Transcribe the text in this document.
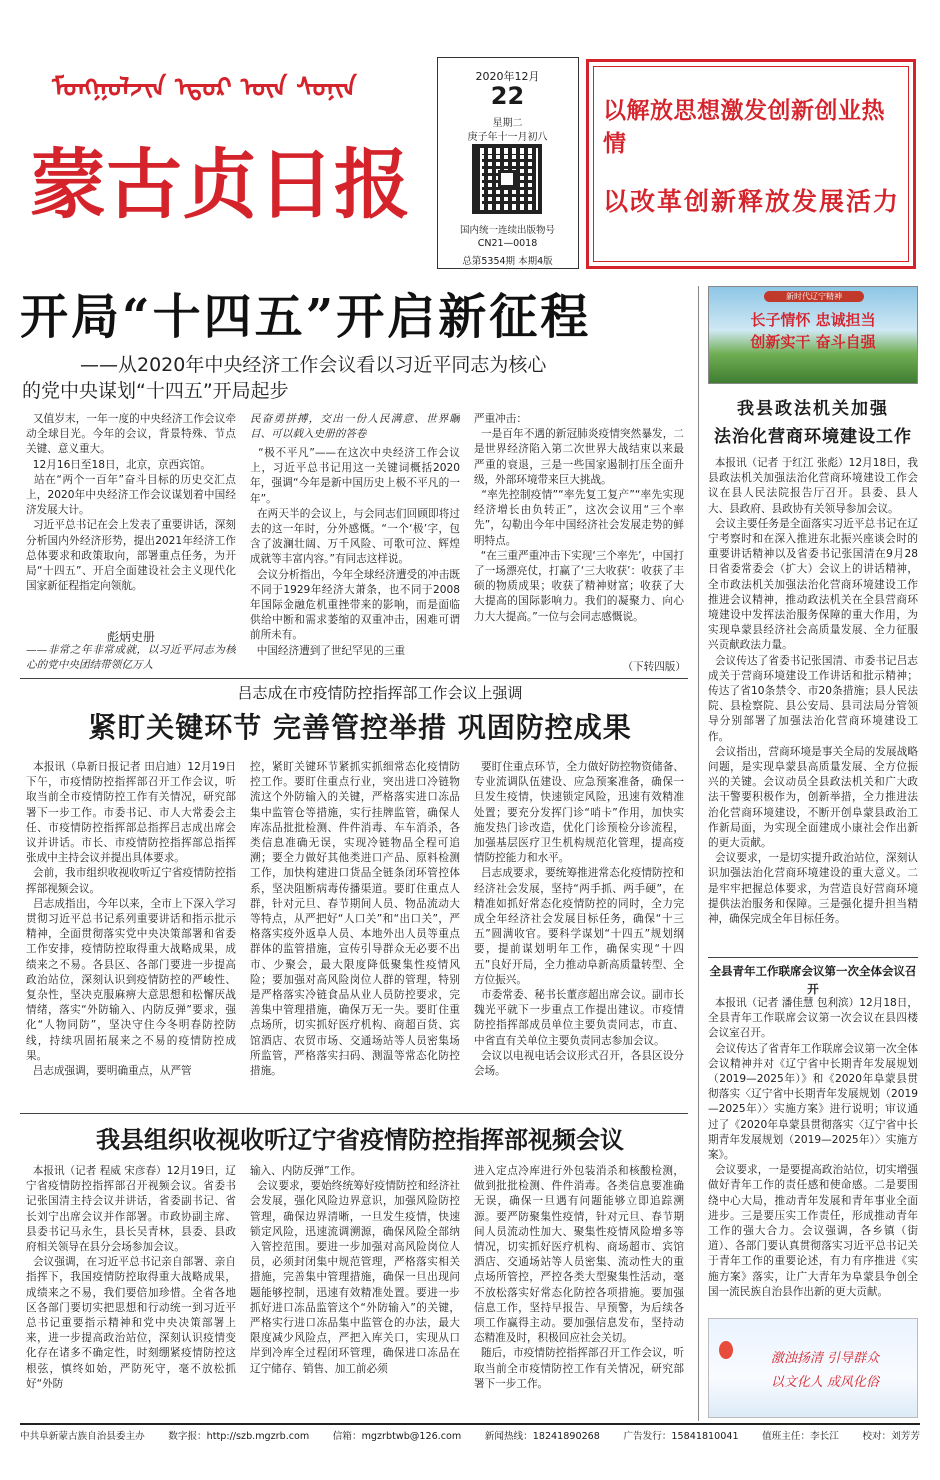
ᠮᠣᠩᠭᠣᠯᠵᠢᠨ ᠡᠳᠦᠷ ᠦᠨ ᠰᠣᠨᠢᠨ
蒙古贞日报
2020年12月
22
星期二
庚子年十一月初八
国内统一连续出版物号
CN21—0018
总第5354期 本期4版
以解放思想激发创新创业热情
以改革创新释放发展活力
开局“十四五”开启新征程
——从2020年中央经济工作会议看以习近平同志为核心
的党中央谋划“十四五”开局起步
又值岁末，一年一度的中央经济工作会议牵动全球目光。今年的会议，背景特殊、节点关键、意义重大。
12月16日至18日，北京，京西宾馆。
站在“两个一百年”奋斗目标的历史交汇点上，2020年中央经济工作会议谋划着中国经济发展大计。
习近平总书记在会上发表了重要讲话，深刻分析国内外经济形势，提出2021年经济工作总体要求和政策取向，部署重点任务，为开局“十四五”、开启全面建设社会主义现代化国家新征程指定向领航。
彪炳史册
——非常之年非常成就，以习近平同志为核心的党中央团结带领亿万人
民奋勇拼搏，交出一份人民满意、世界瞩目、可以载入史册的答卷
“极不平凡”——在这次中央经济工作会议上，习近平总书记用这一关键词概括2020年，强调“今年是新中国历史上极不平凡的一年”。
在两天半的会议上，与会同志们回顾即将过去的这一年时，分外感慨。“一个‘极’字，包含了波澜壮阔、万千风险、可歌可泣、辉煌成就等丰富内容。”有同志这样说。
会议分析指出，今年全球经济遭受的冲击既不同于1929年经济大萧条，也不同于2008年国际金融危机重挫带来的影响，而是面临供给中断和需求萎缩的双重冲击，困难可谓前所未有。
中国经济遭到了世纪罕见的三重
严重冲击：
一是百年不遇的新冠肺炎疫情突然暴发，二是世界经济陷入第二次世界大战结束以来最严重的衰退，三是一些国家遏制打压全面升级，外部环境带来巨大挑战。
“率先控制疫情”“率先复工复产”“率先实现经济增长由负转正”，这次会议用“三个率先”，勾勒出今年中国经济社会发展走势的鲜明特点。
“在三重严重冲击下实现‘三个率先’，中国打了一场漂亮仗，打赢了‘三大收获’：收获了丰硕的物质成果；收获了精神财富；收获了大大提高的国际影响力。我们的凝聚力、向心力大大提高。”一位与会同志感慨说。
（下转四版）
新时代辽宁精神
长子情怀 忠诚担当
创新实干 奋斗自强
我县政法机关加强
法治化营商环境建设工作
本报讯（记者 于红江 张彪）12月18日，我县政法机关加强法治化营商环境建设工作会议在县人民法院报告厅召开。县委、县人大、县政府、县政协有关领导参加会议。
会议主要任务是全面落实习近平总书记在辽宁考察时和在深入推进东北振兴座谈会时的重要讲话精神以及省委书记张国清在9月28日省委常委会（扩大）会议上的讲话精神，全市政法机关加强法治化营商环境建设工作推进会议精神，推动政法机关在全县营商环境建设中发挥法治服务保障的重大作用，为实现阜蒙县经济社会高质量发展、全力征服兴贡献政法力量。
会议传达了省委书记张国清、市委书记吕志成关于营商环境建设工作讲话和批示精神；传达了省10条禁令、市20条措施；县人民法院、县检察院、县公安局、县司法局分管领导分别部署了加强法治化营商环境建设工作。
会议指出，营商环境是事关全局的发展战略问题，是实现阜蒙县高质量发展、全方位振兴的关键。会议动员全县政法机关和广大政法干警要积极作为，创新举措，全力推进法治化营商环境建设，不断开创阜蒙县政治工作新局面，为实现全面建成小康社会作出新的更大贡献。
会议要求，一是切实提升政治站位，深刻认识加强法治化营商环境建设的重大意义。二是牢牢把握总体要求，为营造良好营商环境提供法治服务和保障。三是强化提升担当精神，确保完成全年目标任务。
全县青年工作联席会议第一次全体会议召开
本报讯（记者 潘佳慧 包利滨）12月18日，全县青年工作联席会议第一次会议在县四楼会议室召开。
会议传达了省青年工作联席会议第一次全体会议精神并对《辽宁省中长期青年发展规划（2019—2025年）》和《2020年阜蒙县贯彻落实〈辽宁省中长期青年发展规划（2019—2025年）〉实施方案》进行说明；审议通过了《2020年阜蒙县贯彻落实〈辽宁省中长期青年发展规划（2019—2025年）〉实施方案》。
会议要求，一是要提高政治站位，切实增强做好青年工作的责任感和使命感。二是要围绕中心大局，推动青年发展和青年事业全面进步。三是要压实工作责任，形成推动青年工作的强大合力。会议强调，各乡镇（街道）、各部门要认真贯彻落实习近平总书记关于青年工作的重要论述，有力有序推进《实施方案》落实，让广大青年为阜蒙县争创全国一流民族自治县作出新的更大贡献。
激浊扬清 引导群众
以文化人 成风化俗
吕志成在市疫情防控指挥部工作会议上强调
紧盯关键环节 完善管控举措 巩固防控成果
本报讯（阜新日报记者 田启迪）12月19日下午，市疫情防控指挥部召开工作会议，听取当前全市疫情防控工作有关情况，研究部署下一步工作。市委书记、市人大常委会主任、市疫情防控指挥部总指挥吕志成出席会议并讲话。市长、市疫情防控指挥部总指挥张成中主持会议并提出具体要求。
会前，我市组织收视收听辽宁省疫情防控指挥部视频会议。
吕志成指出，今年以来，全市上下深入学习贯彻习近平总书记系列重要讲话和指示批示精神，全面贯彻落实党中央决策部署和省委工作安排，疫情防控取得重大战略成果，成绩来之不易。各县区、各部门要进一步提高政治站位，深刻认识到疫情防控的严峻性、复杂性，坚决克服麻痹大意思想和松懈厌战情绪，落实“外防输入、内防反弹”要求，强化“人物同防”，坚决守住今冬明春防控防线，持续巩固拓展来之不易的疫情防控成果。
吕志成强调，要明确重点，从严管
控，紧盯关键环节紧抓实抓细常态化疫情防控工作。要盯住重点行业，突出进口冷链物流这个外防输入的关键，严格落实进口冻品集中监管仓等措施，实行挂牌监管，确保人库冻品批批检测、件件消毒、车车消杀，各类信息准确无误，实现冷链物品全程可追溯；要全力做好其他类进口产品、原料检测工作，加快构建进口货品全链条闭环管控体系，坚决阻断病毒传播渠道。要盯住重点人群，针对元旦、春节期间人员、物品流动大等特点，从严把好“人口关”和“出口关”，严格落实疫外返阜人员、本地外出人员等重点群体的监管措施，宣传引导群众无必要不出市、少聚会，最大限度降低聚集性疫情风险；要加强对高风险岗位人群的管理，特别是严格落实冷链食品从业人员防控要求，完善集中管理措施，确保万无一失。要盯住重点场所，切实抓好医疗机构、商超百货、宾馆酒店、农贸市场、交通场站等人员密集场所监管，严格落实扫码、测温等常态化防控措施。
要盯住重点环节，全力做好防控物资储备、专业流调队伍建设、应急预案准备，确保一旦发生疫情，快速锁定风险，迅速有效精准处置；要充分发挥门诊“哨卡”作用，加快实施发热门诊改造，优化门诊预检分诊流程，加强基层医疗卫生机构规范化管理，提高疫情防控能力和水平。
吕志成要求，要统筹推进常态化疫情防控和经济社会发展，坚持“两手抓、两手硬”，在精准如抓好常态化疫情防控的同时，全力完成全年经济社会发展目标任务，确保“十三五”圆满收官。要科学谋划“十四五”规划纲要，提前谋划明年工作，确保实现“十四五”良好开局，全力推动阜新高质量转型、全方位振兴。
市委常委、秘书长董彦超出席会议。副市长魏光平就下一步重点工作提出建议。市疫情防控指挥部成员单位主要负责同志，市直、中省直有关单位主要负责同志参加会议。
会议以电视电话会议形式召开，各县区设分会场。
我县组织收视收听辽宁省疫情防控指挥部视频会议
本报讯（记者 程威 宋彦春）12月19日，辽宁省疫情防控指挥部召开视频会议。省委书记张国清主持会议并讲话，省委副书记、省长刘宁出席会议并作部署。市政协副主席、县委书记马永生，县长吴青林，县委、县政府相关领导在县分会场参加会议。
会议强调，在习近平总书记亲自部署、亲自指挥下，我国疫情防控取得重大战略成果，成绩来之不易，我们要倍加珍惜。全省各地区各部门要切实把思想和行动统一到习近平总书记重要指示精神和党中央决策部署上来，进一步提高政治站位，深刻认识疫情变化存在诸多不确定性，时刻绷紧疫情防控这根弦，慎终如始，严防死守，毫不放松抓好“外防
输入、内防反弹”工作。
会议要求，要始终统筹好疫情防控和经济社会发展，强化风险边界意识，加强风险防控管理，确保边界清晰，一旦发生疫情，快速锁定风险，迅速流调溯源，确保风险全部纳入管控范围。要进一步加强对高风险岗位人员，必须封闭集中规范管理，严格落实相关措施，完善集中管理措施，确保一旦出现问题能够控制，迅速有效精准处置。要进一步抓好进口冻品监管这个“外防输入”的关键，严格实行进口冻品集中监管仓的办法，最大限度减少风险点，严把入库关口，实现从口岸到冷库全过程闭环管理，确保进口冻品在辽宁储存、销售、加工前必须
进入定点冷库进行外包装消杀和核酸检测，做到批批检测、件件消毒。各类信息要准确无误，确保一旦遇有问题能够立即追踪溯源。要严防聚集性疫情，针对元旦、春节期间人员流动性加大、聚集性疫情风险增多等情况，切实抓好医疗机构、商场超市、宾馆酒店、交通场站等人员密集、流动性大的重点场所管控，严控各类大型聚集性活动，毫不放松落实好常态化防控各项措施。要加强信息工作，坚持早报告、早预警，为后续各项工作赢得主动。要加强信息发布，坚持动态精准及时，积极回应社会关切。
随后，市疫情防控指挥部召开工作会议，听取当前全市疫情防控工作有关情况，研究部署下一步工作。
中共阜新蒙古族自治县委主办 数字报：http://szb.mgzrb.com 信箱：mgzrbtwb@126.com 新闻热线：18241890268 广告发行：15841810041 值班主任：李长江 校对：刘芳芳
